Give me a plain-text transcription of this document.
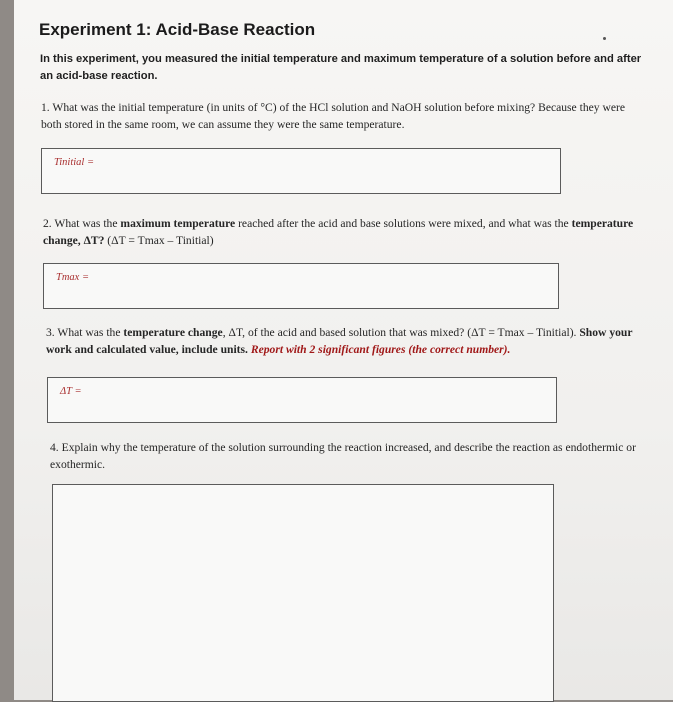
Experiment 1: Acid-Base Reaction
In this experiment, you measured the initial temperature and maximum temperature of a solution before and after an acid-base reaction.
1. What was the initial temperature (in units of °C) of the HCl solution and NaOH solution before mixing? Because they were both stored in the same room, we can assume they were the same temperature.
Tinitial =
2. What was the maximum temperature reached after the acid and base solutions were mixed, and what was the temperature change, ΔT? (ΔT = Tmax – Tinitial)
Tmax =
3. What was the temperature change, ΔT, of the acid and based solution that was mixed? (ΔT = Tmax – Tinitial). Show your work and calculated value, include units. Report with 2 significant figures (the correct number).
ΔT =
4. Explain why the temperature of the solution surrounding the reaction increased, and describe the reaction as endothermic or exothermic.
